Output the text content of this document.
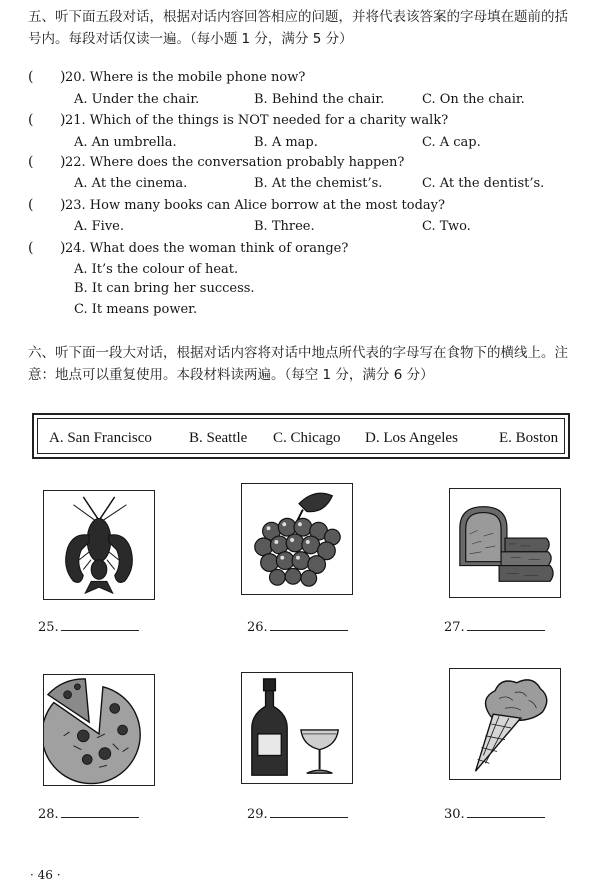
五、听下面五段对话，根据对话内容回答相应的问题，并将代表该答案的字母填在题前的括
号内。每段对话仅读一遍。（每小题 1 分，满分 5 分）
( ) 20. Where is the mobile phone now?
A. Under the chair.	B. Behind the chair.	C. On the chair.
( ) 21. Which of the things is NOT needed for a charity walk?
A. An umbrella.	B. A map.	C. A cap.
( ) 22. Where does the conversation probably happen?
A. At the cinema.	B. At the chemist’s.	C. At the dentist’s.
( ) 23. How many books can Alice borrow at the most today?
A. Five.	B. Three.	C. Two.
( ) 24. What does the woman think of orange?
A. It’s the colour of heat.
B. It can bring her success.
C. It means power.
六、听下面一段大对话，根据对话内容将对话中地点所代表的字母写在食物下的横线上。注
意：地点可以重复使用。本段材料读两遍。（每空 1 分，满分 6 分）
A. San Francisco B. Seattle C. Chicago D. Los Angeles	E. Boston
25.	26.	27.
28.	29.	30.
· 46 ·
